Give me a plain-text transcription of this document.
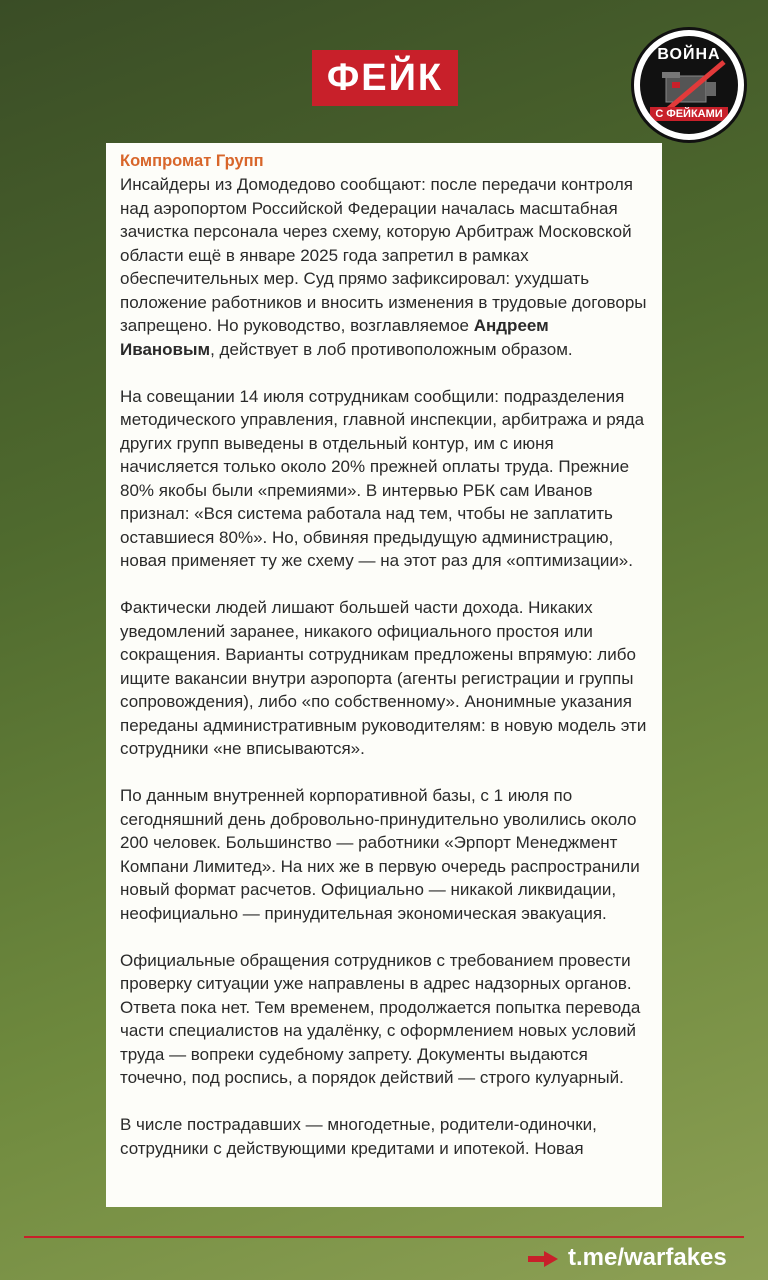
ФЕЙК
ВОЙНА
С ФЕЙКАМИ
Компромат Групп

Инсайдеры из Домодедово сообщают: после передачи контроля над аэропортом Российской Федерации началась масштабная зачистка персонала через схему, которую Арбитраж Московской области ещё в январе 2025 года запретил в рамках обеспечительных мер. Суд прямо зафиксировал: ухудшать положение работников и вносить изменения в трудовые договоры запрещено. Но руководство, возглавляемое Андреем Ивановым, действует в лоб противоположным образом.

На совещании 14 июля сотрудникам сообщили: подразделения методического управления, главной инспекции, арбитража и ряда других групп выведены в отдельный контур, им с июня начисляется только около 20% прежней оплаты труда. Прежние 80% якобы были «премиями». В интервью РБК сам Иванов признал: «Вся система работала над тем, чтобы не заплатить оставшиеся 80%». Но, обвиняя предыдущую администрацию, новая применяет ту же схему — на этот раз для «оптимизации».

Фактически людей лишают большей части дохода. Никаких уведомлений заранее, никакого официального простоя или сокращения. Варианты сотрудникам предложены впрямую: либо ищите вакансии внутри аэропорта (агенты регистрации и группы сопровождения), либо «по собственному». Анонимные указания переданы административным руководителям: в новую модель эти сотрудники «не вписываются».

По данным внутренней корпоративной базы, с 1 июля по сегодняшний день добровольно-принудительно уволились около 200 человек. Большинство — работники «Эрпорт Менеджмент Компани Лимитед». На них же в первую очередь распространили новый формат расчетов. Официально — никакой ликвидации, неофициально — принудительная экономическая эвакуация.

Официальные обращения сотрудников с требованием провести проверку ситуации уже направлены в адрес надзорных органов. Ответа пока нет. Тем временем, продолжается попытка перевода части специалистов на удалёнку, с оформлением новых условий труда — вопреки судебному запрету. Документы выдаются точечно, под роспись, а порядок действий — строго кулуарный.

В числе пострадавших — многодетные, родители-одиночки, сотрудники с действующими кредитами и ипотекой. Новая

t.me/warfakes
